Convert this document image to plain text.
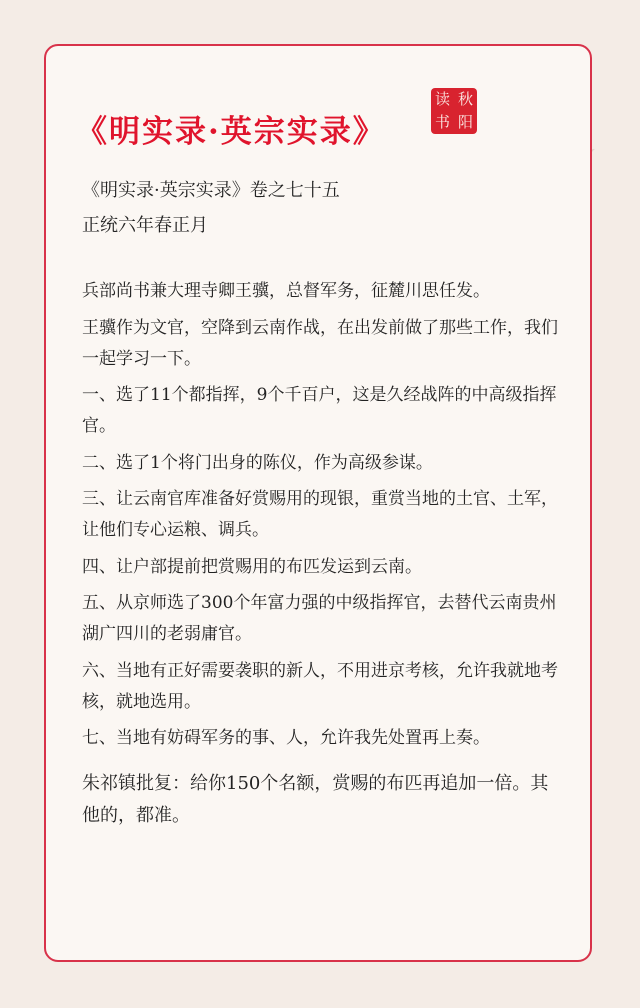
《明实录·英宗实录》
读 秋
书 阳
《明实录·英宗实录》卷之七十五
正统六年春正月

兵部尚书兼大理寺卿王骥，总督军务，征麓川思任发。

王骥作为文官，空降到云南作战，在出发前做了那些工作，我们一起学习一下。

一、选了11个都指挥，9个千百户，这是久经战阵的中高级指挥官。

二、选了1个将门出身的陈仪，作为高级参谋。

三、让云南官库准备好赏赐用的现银，重赏当地的土官、土军，让他们专心运粮、调兵。

四、让户部提前把赏赐用的布匹发运到云南。

五、从京师选了300个年富力强的中级指挥官，去替代云南贵州湖广四川的老弱庸官。

六、当地有正好需要袭职的新人，不用进京考核，允许我就地考核，就地选用。

七、当地有妨碍军务的事、人，允许我先处置再上奏。

朱祁镇批复：给你150个名额，赏赐的布匹再追加一倍。其他的，都准。
